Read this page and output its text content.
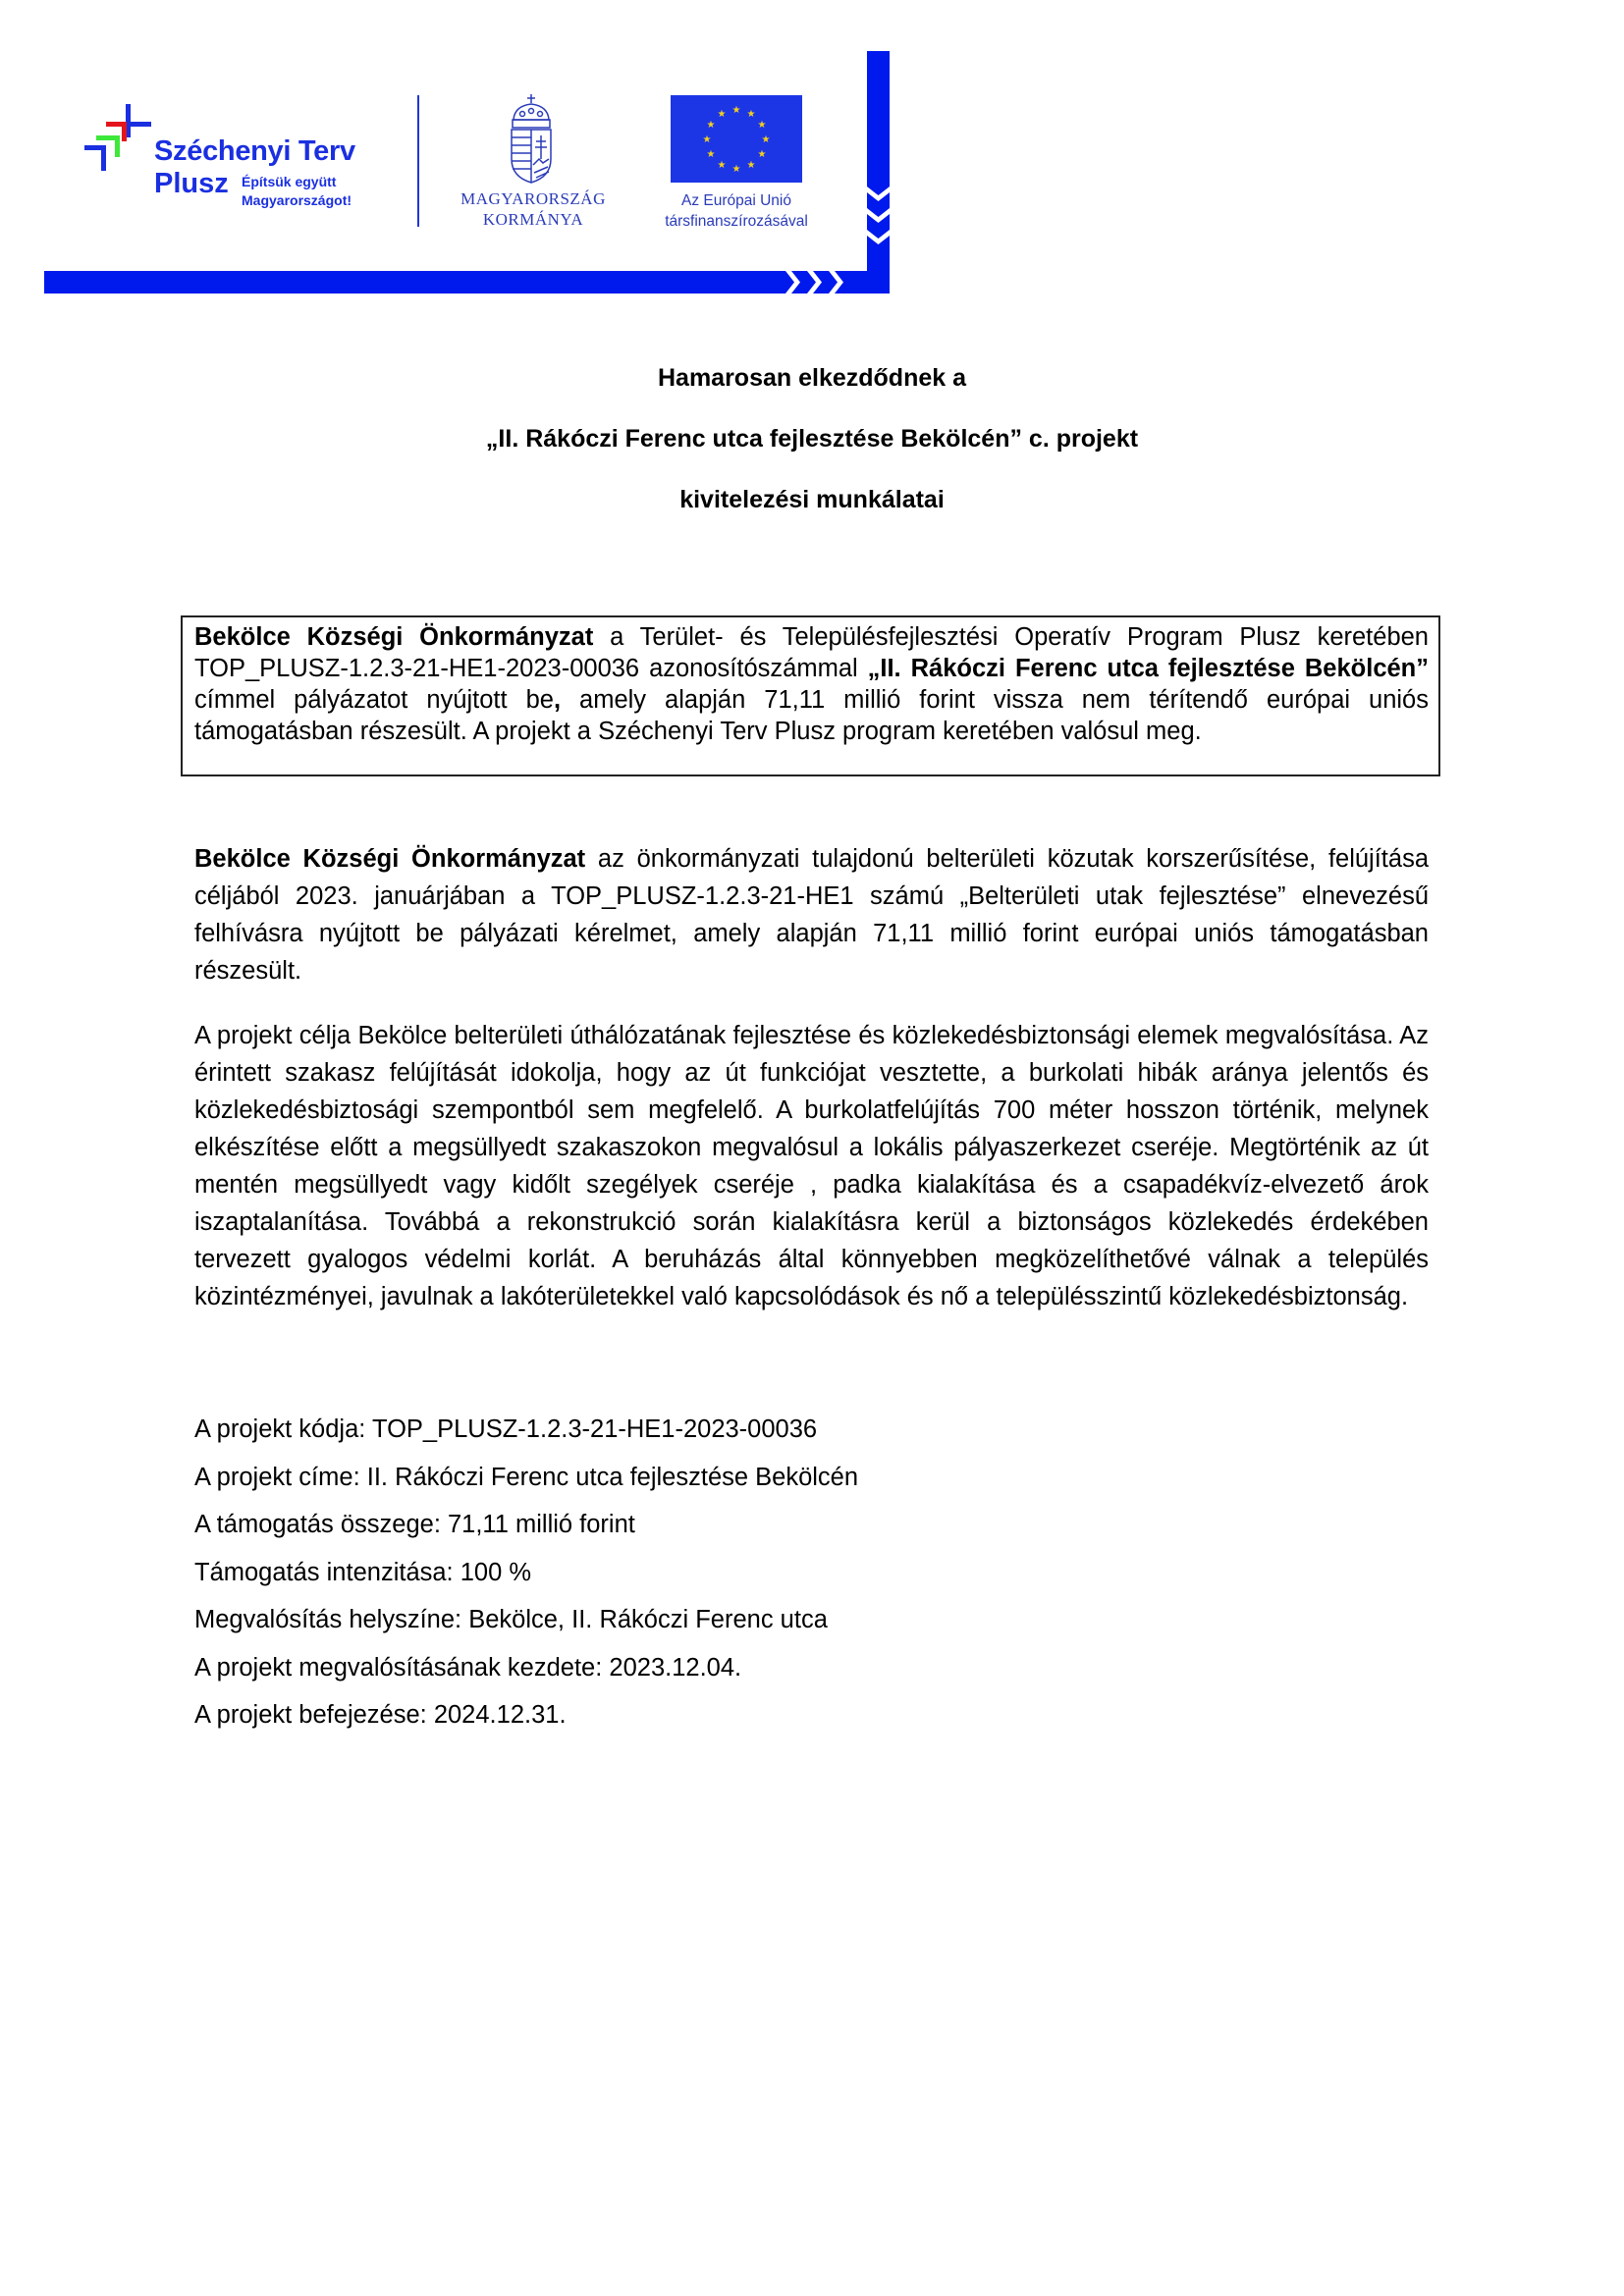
Széchenyi Terv
Plusz Építsük együtt
Magyarországot!	MAGYARORSZÁG
KORMÁNYA
★ ★
★
★
★
★
★
★
★
★
★
★
Az Európai Unió
társfinanszírozásával
Hamarosan elkezdődnek a
„II. Rákóczi Ferenc utca fejlesztése Bekölcén” c. projekt
kivitelezési munkálatai
Bekölce Községi Önkormányzat a Terület- és Településfejlesztési Operatív Program Plusz keretében TOP_PLUSZ-1.2.3-21-HE1-2023-00036 azonosítószámmal „II. Rákóczi Ferenc utca fejlesztése Bekölcén” címmel pályázatot nyújtott be, amely alapján 71,11 millió forint vissza nem térítendő európai uniós támogatásban részesült. A projekt a Széchenyi Terv Plusz program keretében valósul meg.
Bekölce Községi Önkormányzat az önkormányzati tulajdonú belterületi közutak korszerűsítése, felújítása céljából 2023. januárjában a TOP_PLUSZ-1.2.3-21-HE1 számú „Belterületi utak fejlesztése” elnevezésű felhívásra nyújtott be pályázati kérelmet, amely alapján 71,11 millió forint európai uniós támogatásban részesült.
A projekt célja Bekölce belterületi úthálózatának fejlesztése és közlekedésbiztonsági elemek megvalósítása. Az érintett szakasz felújítását idokolja, hogy az út funkciójat vesztette, a burkolati hibák aránya jelentős és közlekedésbiztosági szempontból sem megfelelő. A burkolatfelújítás 700 méter hosszon történik, melynek elkészítése előtt a megsüllyedt szakaszokon megvalósul a lokális pályaszerkezet cseréje. Megtörténik az út mentén megsüllyedt vagy kidőlt szegélyek cseréje , padka kialakítása és a csapadékvíz-elvezető árok iszaptalanítása. Továbbá a rekonstrukció során kialakításra kerül a biztonságos közlekedés érdekében tervezett gyalogos védelmi korlát. A beruházás által könnyebben megközelíthetővé válnak a település közintézményei, javulnak a lakóterületekkel való kapcsolódások és nő a településszintű közlekedésbiztonság.
A projekt kódja: TOP_PLUSZ-1.2.3-21-HE1-2023-00036
A projekt címe: II. Rákóczi Ferenc utca fejlesztése Bekölcén
A támogatás összege: 71,11 millió forint
Támogatás intenzitása: 100 %
Megvalósítás helyszíne: Bekölce, II. Rákóczi Ferenc utca
A projekt megvalósításának kezdete: 2023.12.04.
A projekt befejezése: 2024.12.31.
